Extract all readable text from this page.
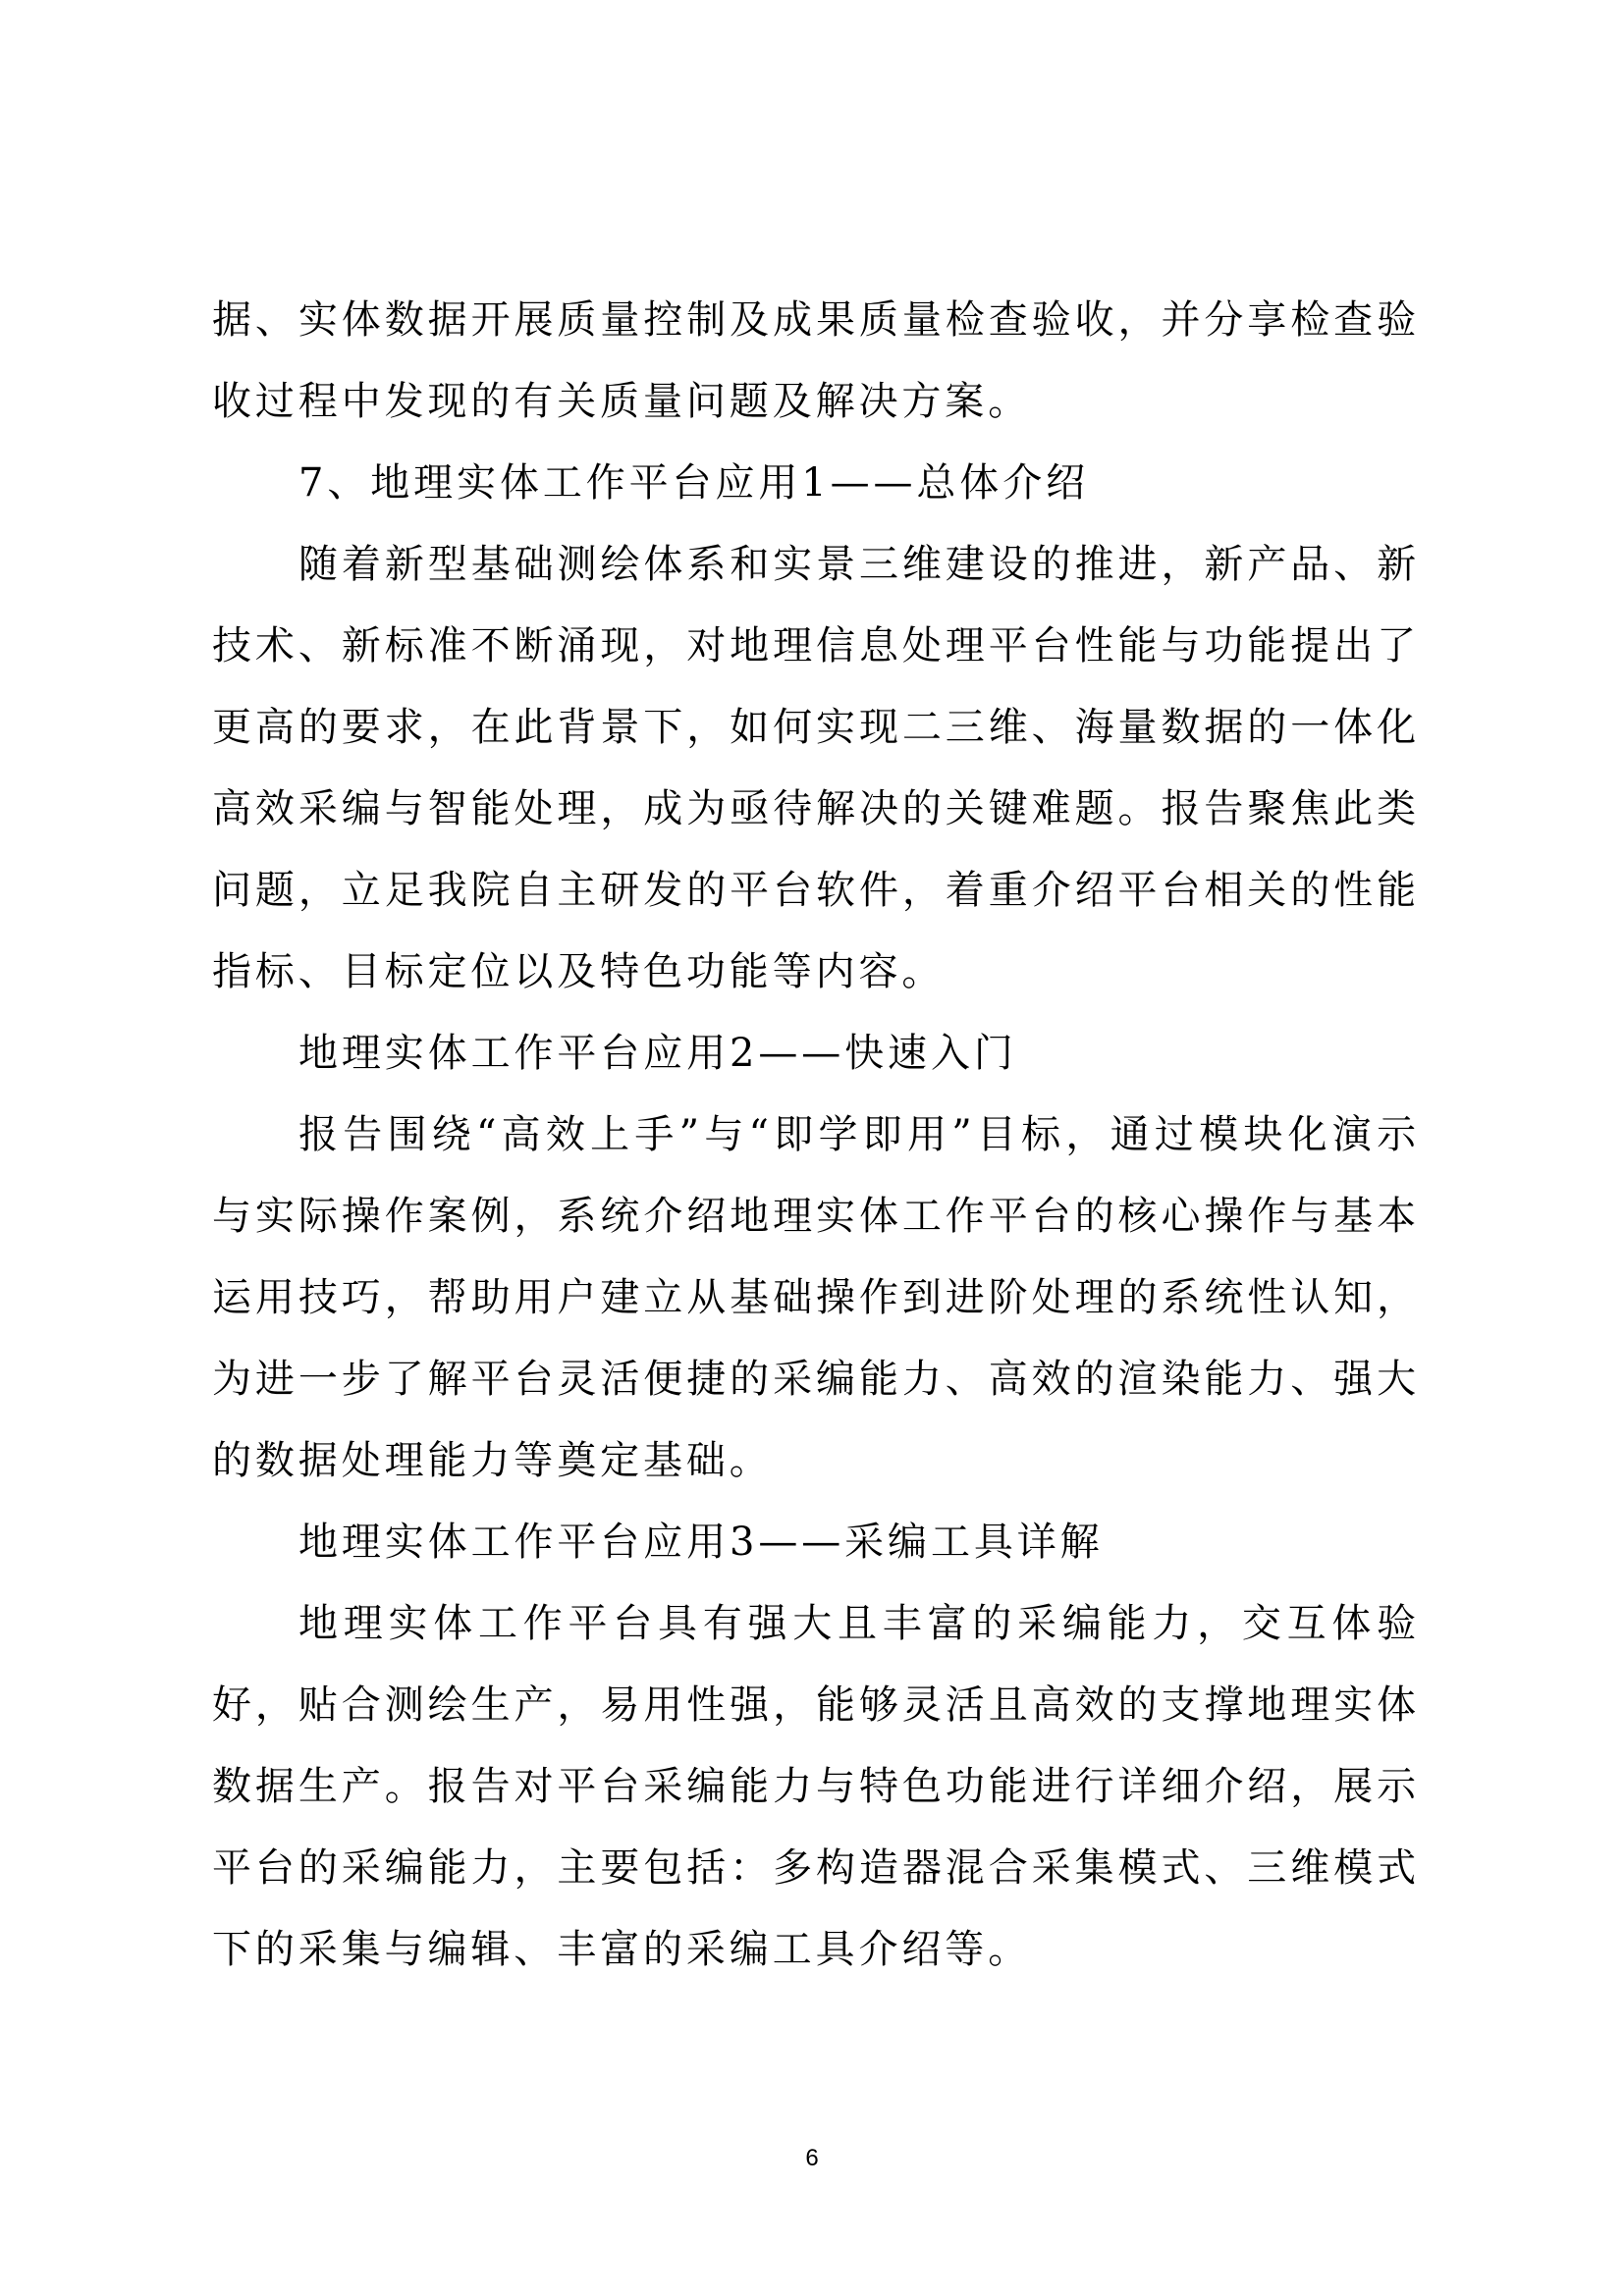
据、实体数据开展质量控制及成果质量检查验收，并分享检查验收过程中发现的有关质量问题及解决方案。

7、地理实体工作平台应用1——总体介绍

随着新型基础测绘体系和实景三维建设的推进，新产品、新技术、新标准不断涌现，对地理信息处理平台性能与功能提出了更高的要求，在此背景下，如何实现二三维、海量数据的一体化高效采编与智能处理，成为亟待解决的关键难题。报告聚焦此类问题，立足我院自主研发的平台软件，着重介绍平台相关的性能指标、目标定位以及特色功能等内容。

地理实体工作平台应用2——快速入门

报告围绕“高效上手”与“即学即用”目标，通过模块化演示与实际操作案例，系统介绍地理实体工作平台的核心操作与基本运用技巧，帮助用户建立从基础操作到进阶处理的系统性认知，为进一步了解平台灵活便捷的采编能力、高效的渲染能力、强大的数据处理能力等奠定基础。

地理实体工作平台应用3——采编工具详解

地理实体工作平台具有强大且丰富的采编能力，交互体验好，贴合测绘生产，易用性强，能够灵活且高效的支撑地理实体数据生产。报告对平台采编能力与特色功能进行详细介绍，展示平台的采编能力，主要包括：多构造器混合采集模式、三维模式下的采集与编辑、丰富的采编工具介绍等。

6
